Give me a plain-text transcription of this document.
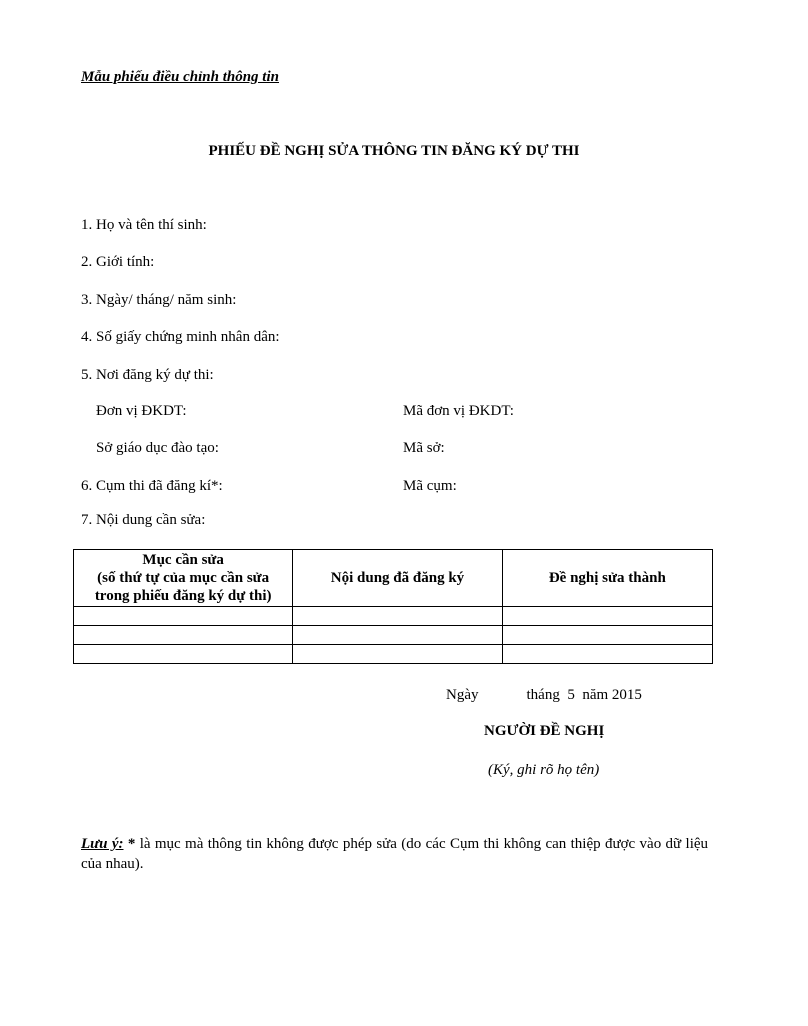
Mẫu phiếu điều chỉnh thông tin
PHIẾU ĐỀ NGHỊ SỬA THÔNG TIN ĐĂNG KÝ DỰ THI
1. Họ và tên thí sinh:
2. Giới tính:
3. Ngày/ tháng/ năm sinh:
4. Số giấy chứng minh nhân dân:
5. Nơi đăng ký dự thi:
Đơn vị ĐKDT:	Mã đơn vị ĐKDT:
Sở giáo dục đào tạo:	Mã sở:
6. Cụm thi đã đăng kí*:	Mã cụm:
7. Nội dung cần sửa:
Mục cần sửa
(số thứ tự của mục cần sửa
trong phiếu đăng ký dự thi)	Nội dung đã đăng ký	Đề nghị sửa thành

Ngày	tháng 5 năm 2015
NGƯỜI ĐỀ NGHỊ
(Ký, ghi rõ họ tên)
Lưu ý: * là mục mà thông tin không được phép sửa (do các Cụm thi không can thiệp được vào dữ liệu của nhau).
